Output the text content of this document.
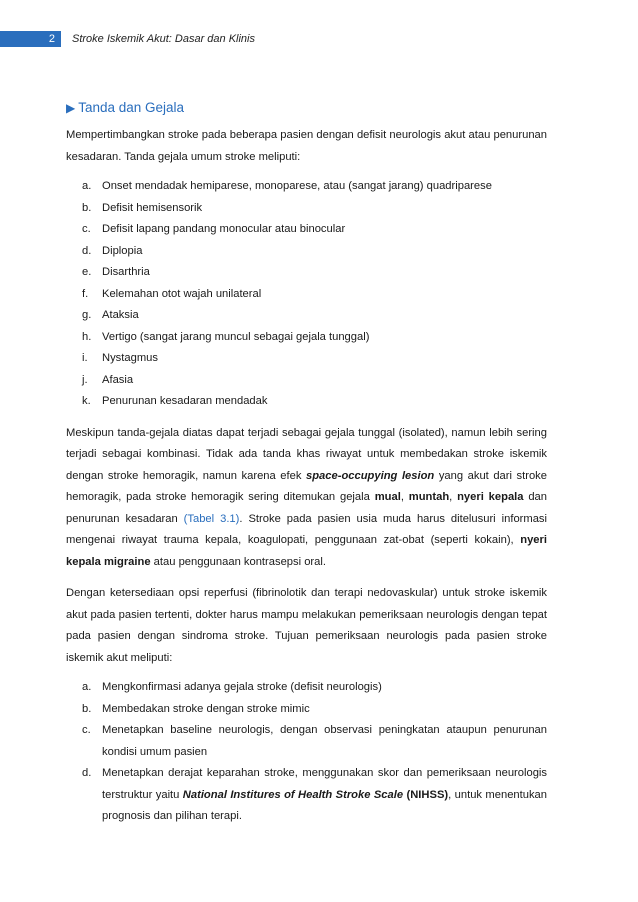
2 Stroke Iskemik Akut: Dasar dan Klinis
▶ Tanda dan Gejala

Mempertimbangkan stroke pada beberapa pasien dengan defisit neurologis akut atau penurunan kesadaran. Tanda gejala umum stroke meliputi:

a. Onset mendadak hemiparese, monoparese, atau (sangat jarang) quadriparese
b. Defisit hemisensorik
c. Defisit lapang pandang monocular atau binocular
d. Diplopia
e. Disarthria
f. Kelemahan otot wajah unilateral
g. Ataksia
h. Vertigo (sangat jarang muncul sebagai gejala tunggal)
i. Nystagmus
j. Afasia
k. Penurunan kesadaran mendadak

Meskipun tanda-gejala diatas dapat terjadi sebagai gejala tunggal (isolated), namun lebih sering terjadi sebagai kombinasi. Tidak ada tanda khas riwayat untuk membedakan stroke iskemik dengan stroke hemoragik, namun karena efek space-occupying lesion yang akut dari stroke hemoragik, pada stroke hemoragik sering ditemukan gejala mual, muntah, nyeri kepala dan penurunan kesadaran (Tabel 3.1). Stroke pada pasien usia muda harus ditelusuri informasi mengenai riwayat trauma kepala, koagulopati, penggunaan zat-obat (seperti kokain), nyeri kepala migraine atau penggunaan kontrasepsi oral.

Dengan ketersediaan opsi reperfusi (fibrinolotik dan terapi nedovaskular) untuk stroke iskemik akut pada pasien tertenti, dokter harus mampu melakukan pemeriksaan neurologis dengan tepat pada pasien dengan sindroma stroke. Tujuan pemeriksaan neurologis pada pasien stroke iskemik akut meliputi:

a. Mengkonfirmasi adanya gejala stroke (defisit neurologis)
b. Membedakan stroke dengan stroke mimic
c. Menetapkan baseline neurologis, dengan observasi peningkatan ataupun penurunan kondisi umum pasien
d. Menetapkan derajat keparahan stroke, menggunakan skor dan pemeriksaan neurologis terstruktur yaitu National Institures of Health Stroke Scale (NIHSS), untuk menentukan prognosis dan pilihan terapi.
